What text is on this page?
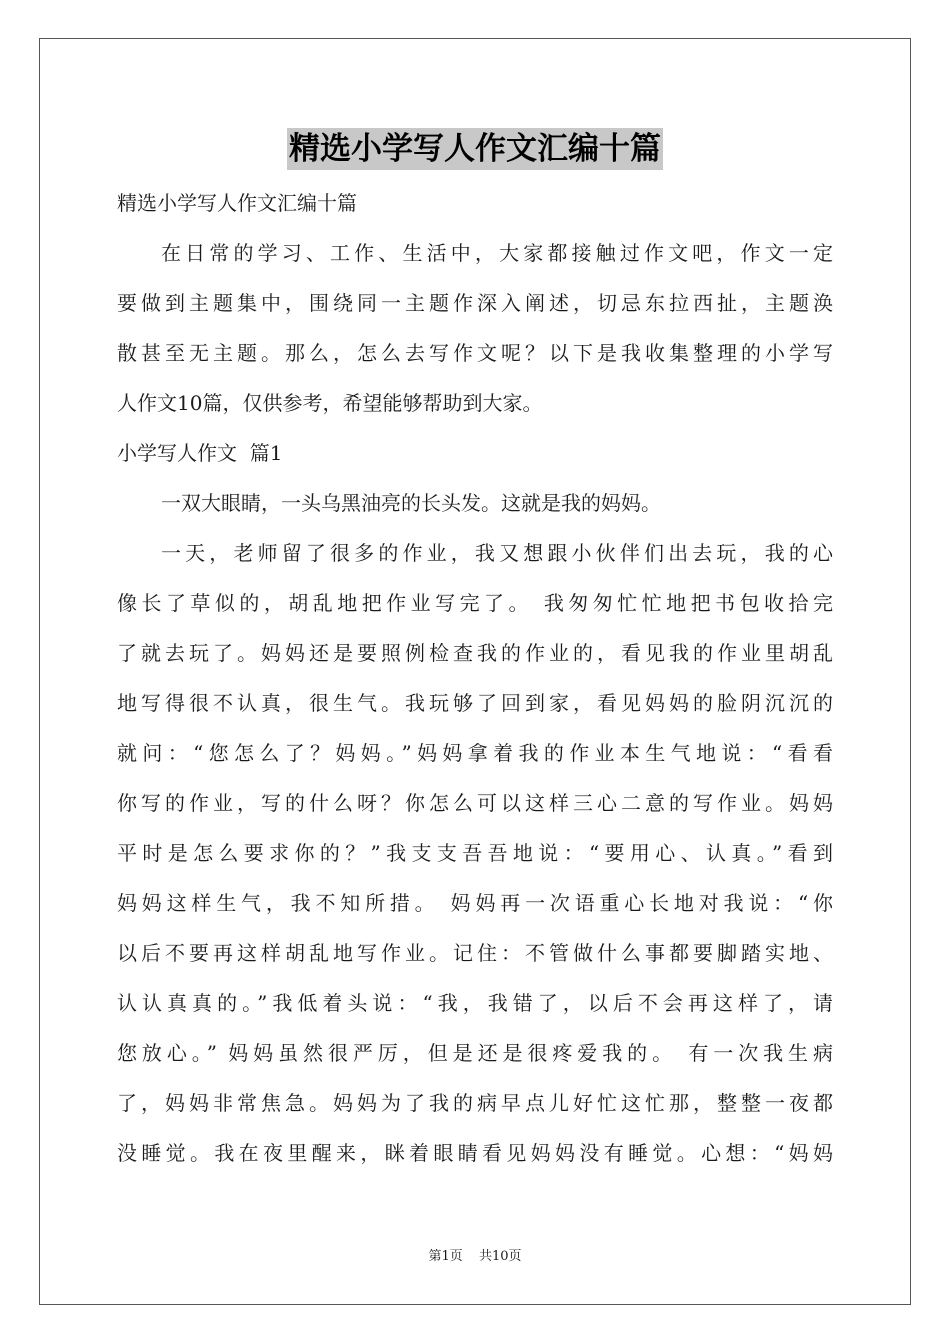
精选小学写人作文汇编十篇
精选小学写人作文汇编十篇
在日常的学习、工作、生活中，大家都接触过作文吧，作文一定
要做到主题集中，围绕同一主题作深入阐述，切忌东拉西扯，主题涣
散甚至无主题。那么，怎么去写作文呢？以下是我收集整理的小学写
人作文10篇，仅供参考，希望能够帮助到大家。
小学写人作文  篇1
一双大眼睛，一头乌黑油亮的长头发。这就是我的妈妈。
一天，老师留了很多的作业，我又想跟小伙伴们出去玩，我的心
像长了草似的，胡乱地把作业写完了。 我匆匆忙忙地把书包收拾完
了就去玩了。妈妈还是要照例检查我的作业的，看见我的作业里胡乱
地写得很不认真，很生气。我玩够了回到家，看见妈妈的脸阴沉沉的
就问：“您怎么了？妈妈。”妈妈拿着我的作业本生气地说：“看看
你写的作业，写的什么呀？你怎么可以这样三心二意的写作业。妈妈
平时是怎么要求你的？”我支支吾吾地说：“要用心、认真。”看到
妈妈这样生气，我不知所措。 妈妈再一次语重心长地对我说：“你
以后不要再这样胡乱地写作业。记住：不管做什么事都要脚踏实地、
认认真真的。”我低着头说：“我，我错了，以后不会再这样了，请
您放心。” 妈妈虽然很严厉，但是还是很疼爱我的。 有一次我生病
了，妈妈非常焦急。妈妈为了我的病早点儿好忙这忙那，整整一夜都
没睡觉。我在夜里醒来，眯着眼睛看见妈妈没有睡觉。心想：“妈妈
第1页 共10页
